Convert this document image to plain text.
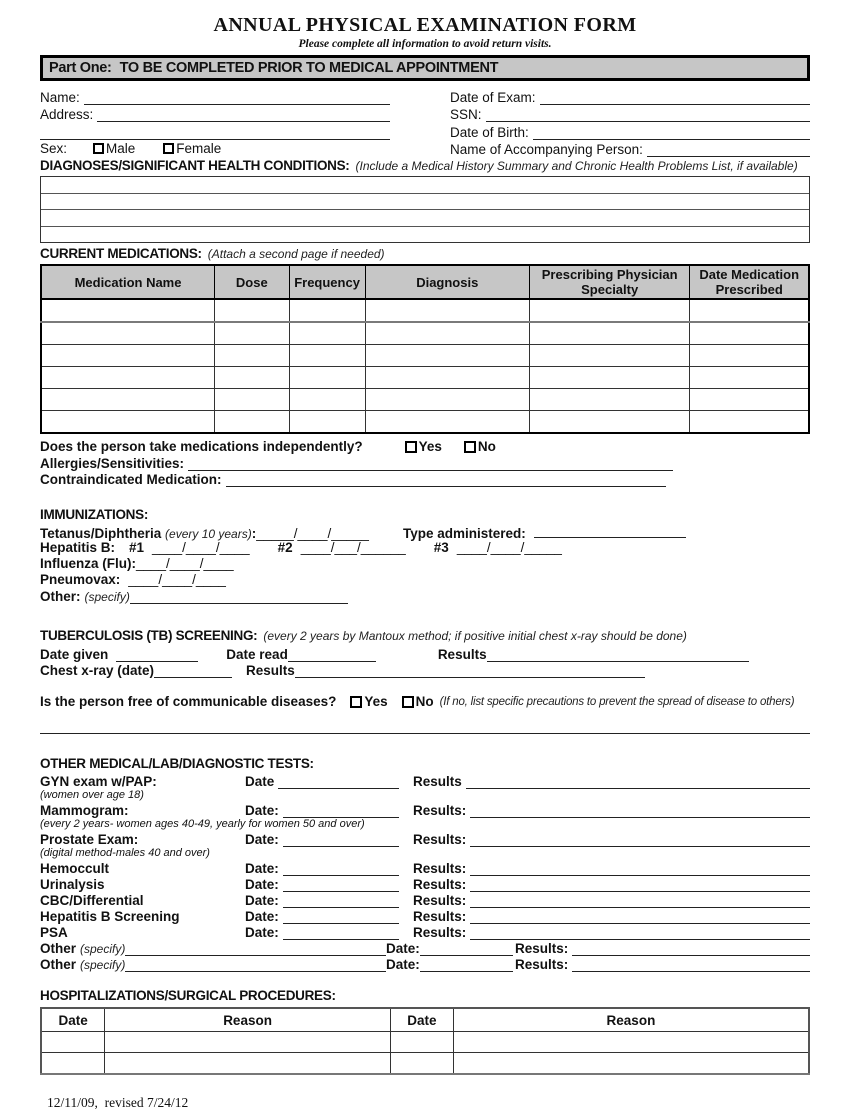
ANNUAL PHYSICAL EXAMINATION FORM
Please complete all information to avoid return visits.
Part One: TO BE COMPLETED PRIOR TO MEDICAL APPOINTMENT
Name:
Address:
Sex:	Male	Female
Date of Exam:
SSN:
Date of Birth:
Name of Accompanying Person:
DIAGNOSES/SIGNIFICANT HEALTH CONDITIONS: (Include a Medical History Summary and Chronic Health Problems List, if available)
CURRENT MEDICATIONS: (Attach a second page if needed)
Medication Name	Dose	Frequency	Diagnosis	Prescribing Physician Specialty	Date Medication Prescribed

Does the person take medications independently?	Yes	No
Allergies/Sensitivities:
Contraindicated Medication:
IMMUNIZATIONS:
Tetanus/Diphtheria (every 10 years):_____/____/_____	Type administered:
Hepatitis B: #1 ____/____/____ #2 ____/___/______ #3 ____/____/_____
Influenza (Flu): ____/____/____
Pneumovax: ____/____/____
Other: (specify)
TUBERCULOSIS (TB) SCREENING: (every 2 years by Mantoux method; if positive initial chest x-ray should be done)
Date given	Date read	Results
Chest x-ray (date)	Results
Is the person free of communicable diseases? Yes No (If no, list specific precautions to prevent the spread of disease to others)
OTHER MEDICAL/LAB/DIAGNOSTIC TESTS:
GYN exam w/PAP:	Date	Results
(women over age 18)
Mammogram:	Date:	Results:
(every 2 years- women ages 40-49, yearly for women 50 and over)
Prostate Exam:	Date:	Results:
(digital method-males 40 and over)
Hemoccult	Date:	Results:
Urinalysis	Date:	Results:
CBC/Differential	Date:	Results:
Hepatitis B Screening	Date:	Results:
PSA	Date:	Results:
Other (specify)	Date:	Results:
Other (specify)	Date:	Results:
HOSPITALIZATIONS/SURGICAL PROCEDURES:
Date	Reason	Date	Reason

12/11/09,  revised 7/24/12
